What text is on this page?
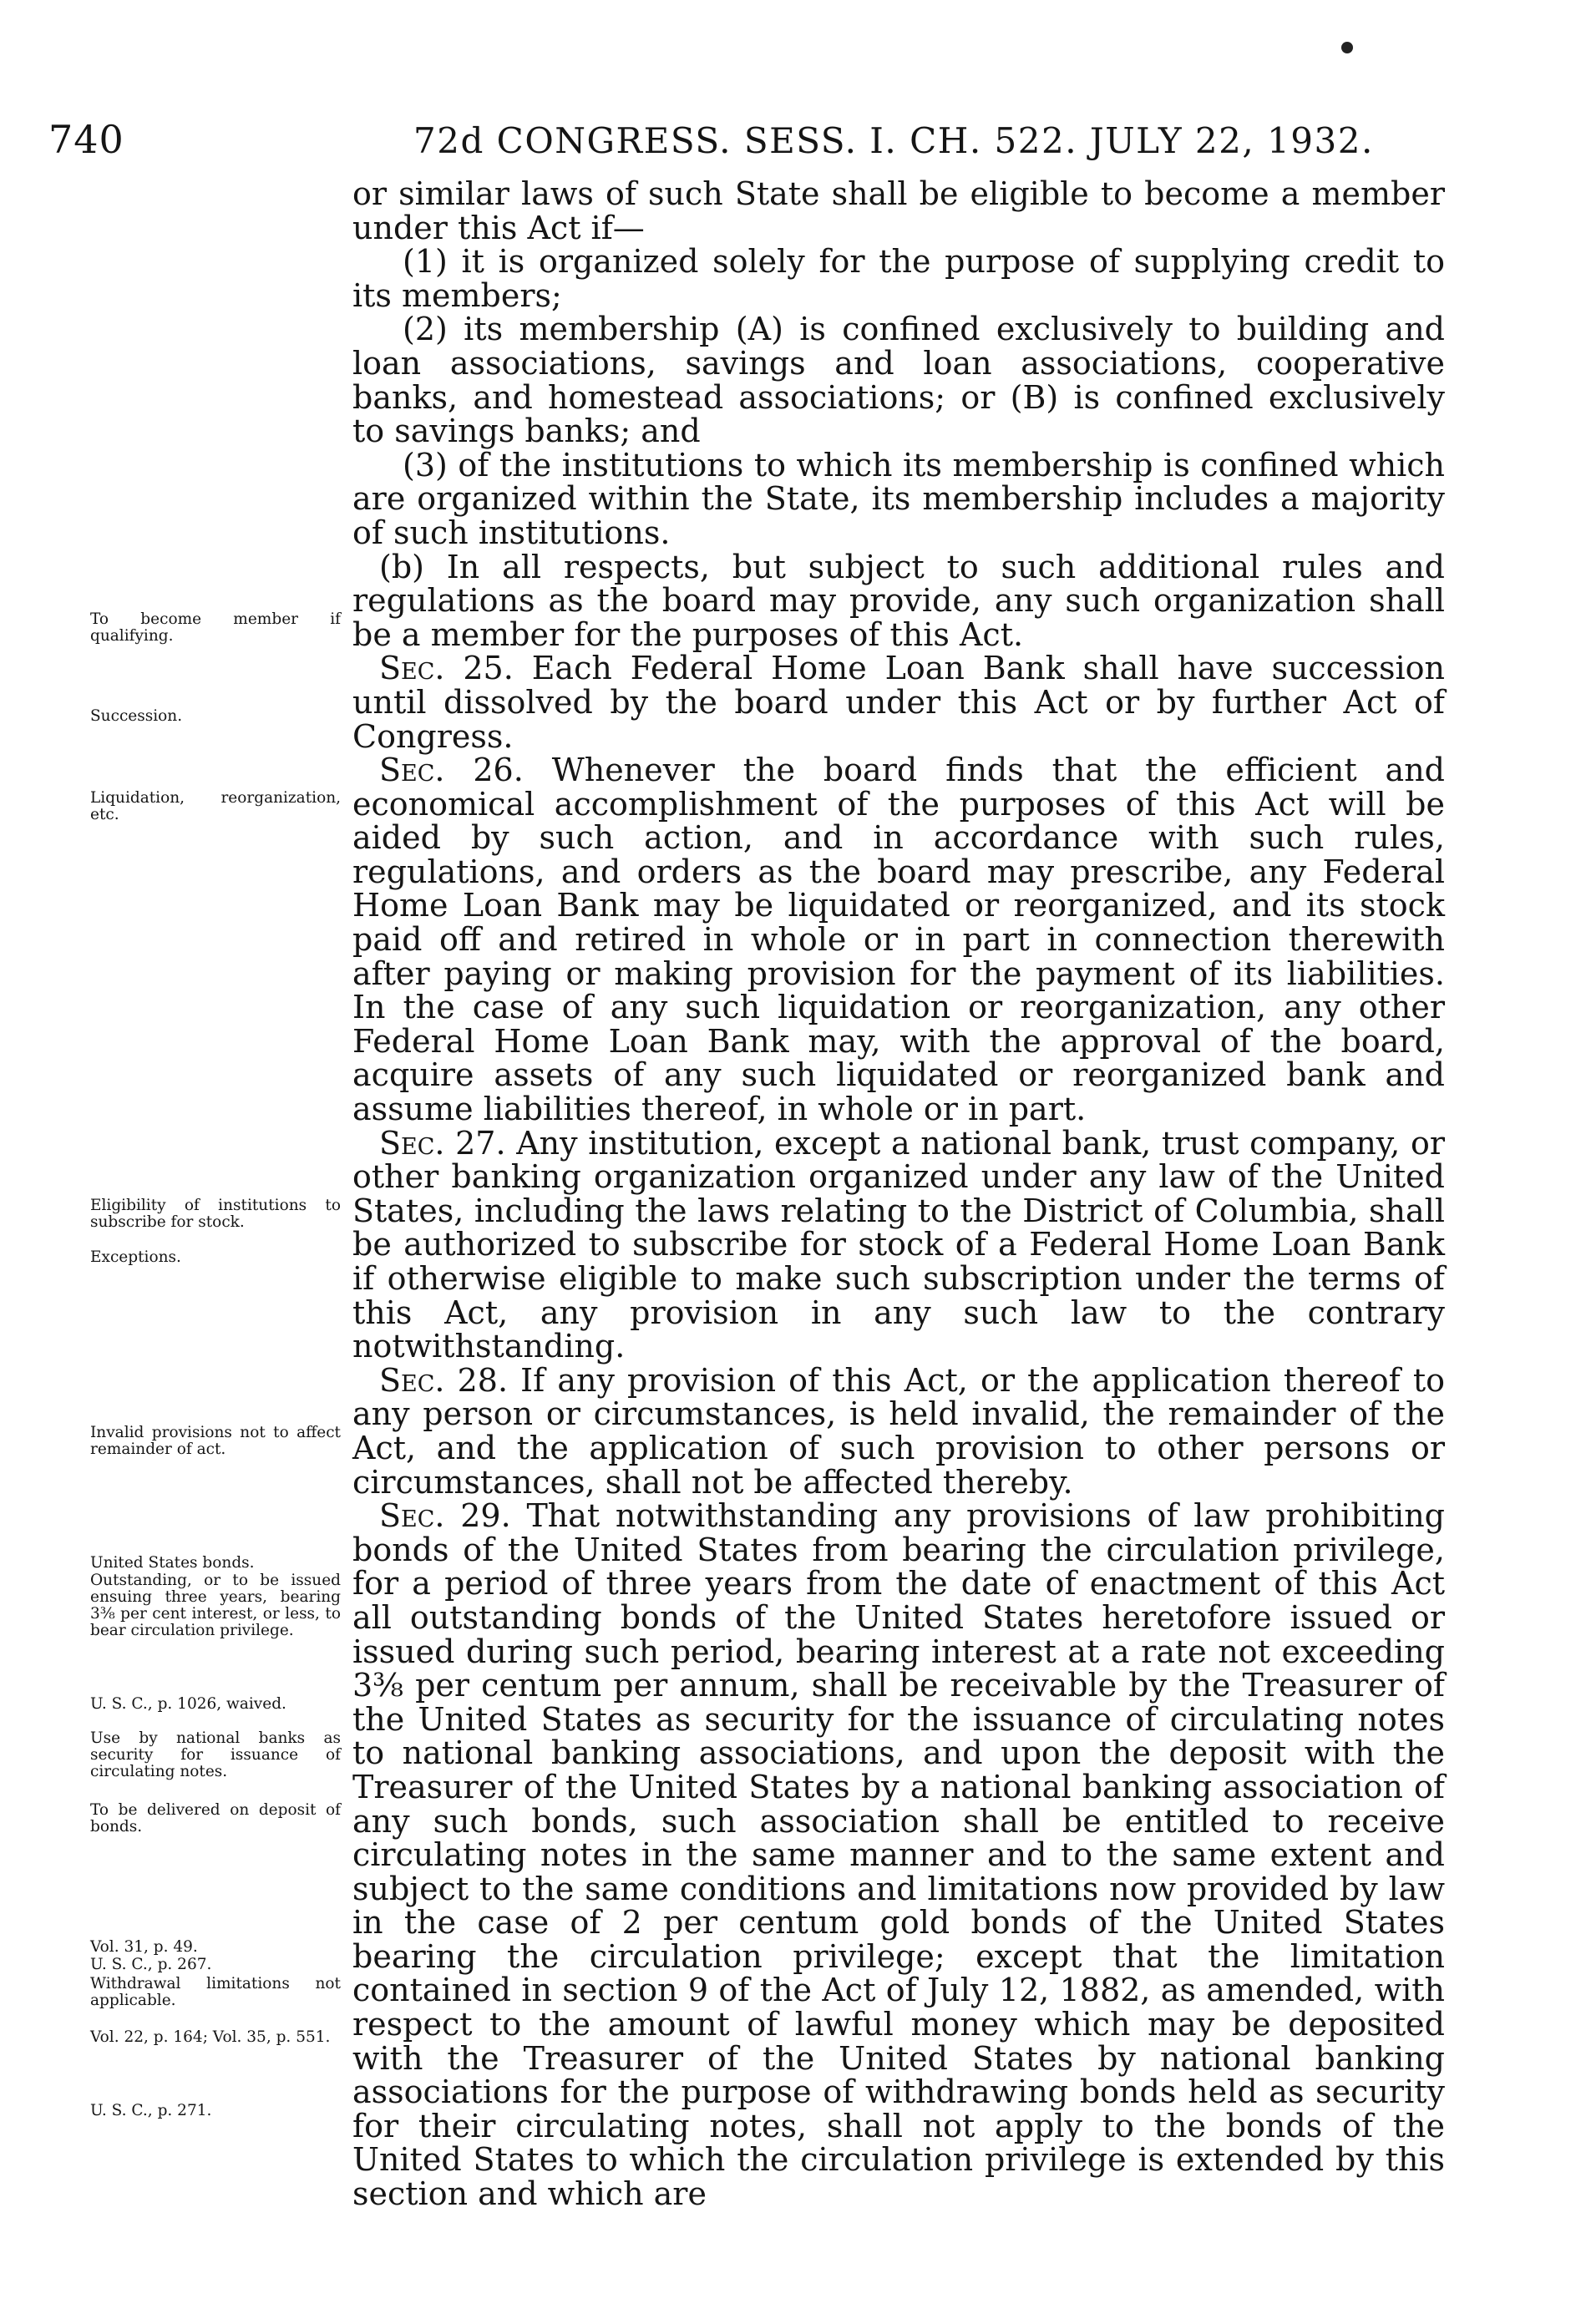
740	72d CONGRESS. SESS. I. CH. 522. JULY 22, 1932.
To become member if qualifying.
Succession.
Liquidation, reorganization, etc.
Eligibility of institutions to subscribe for stock.
Exceptions.
Invalid provisions not to affect remainder of act.
United States bonds.
Outstanding, or to be issued ensuing three years, bearing 3⅜ per cent interest, or less, to bear circulation privilege.
U. S. C., p. 1026, waived.
Use by national banks as security for issuance of circulating notes.
To be delivered on deposit of bonds.
Vol. 31, p. 49.
U. S. C., p. 267.
Withdrawal limitations not applicable.
Vol. 22, p. 164; Vol. 35, p. 551.
U. S. C., p. 271.

or similar laws of such State shall be eligible to become a member under this Act if—

(1) it is organized solely for the purpose of supplying credit to its members;

(2) its membership (A) is confined exclusively to building and loan associations, savings and loan associations, cooperative banks, and homestead associations; or (B) is confined exclusively to savings banks; and

(3) of the institutions to which its membership is confined which are organized within the State, its membership includes a majority of such institutions.

(b) In all respects, but subject to such additional rules and regulations as the board may provide, any such organization shall be a member for the purposes of this Act.

Sec. 25. Each Federal Home Loan Bank shall have succession until dissolved by the board under this Act or by further Act of Congress.

Sec. 26. Whenever the board finds that the efficient and economical accomplishment of the purposes of this Act will be aided by such action, and in accordance with such rules, regulations, and orders as the board may prescribe, any Federal Home Loan Bank may be liquidated or reorganized, and its stock paid off and retired in whole or in part in connection therewith after paying or making provision for the payment of its liabilities. In the case of any such liquidation or reorganization, any other Federal Home Loan Bank may, with the approval of the board, acquire assets of any such liquidated or reorganized bank and assume liabilities thereof, in whole or in part.

Sec. 27. Any institution, except a national bank, trust company, or other banking organization organized under any law of the United States, including the laws relating to the District of Columbia, shall be authorized to subscribe for stock of a Federal Home Loan Bank if otherwise eligible to make such subscription under the terms of this Act, any provision in any such law to the contrary notwithstanding.

Sec. 28. If any provision of this Act, or the application thereof to any person or circumstances, is held invalid, the remainder of the Act, and the application of such provision to other persons or circumstances, shall not be affected thereby.

Sec. 29. That notwithstanding any provisions of law prohibiting bonds of the United States from bearing the circulation privilege, for a period of three years from the date of enactment of this Act all outstanding bonds of the United States heretofore issued or issued during such period, bearing interest at a rate not exceeding 3⅜ per centum per annum, shall be receivable by the Treasurer of the United States as security for the issuance of circulating notes to national banking associations, and upon the deposit with the Treasurer of the United States by a national banking association of any such bonds, such association shall be entitled to receive circulating notes in the same manner and to the same extent and subject to the same conditions and limitations now provided by law in the case of 2 per centum gold bonds of the United States bearing the circulation privilege; except that the limitation contained in section 9 of the Act of July 12, 1882, as amended, with respect to the amount of lawful money which may be deposited with the Treasurer of the United States by national banking associations for the purpose of withdrawing bonds held as security for their circulating notes, shall not apply to the bonds of the United States to which the circulation privilege is extended by this section and which are
